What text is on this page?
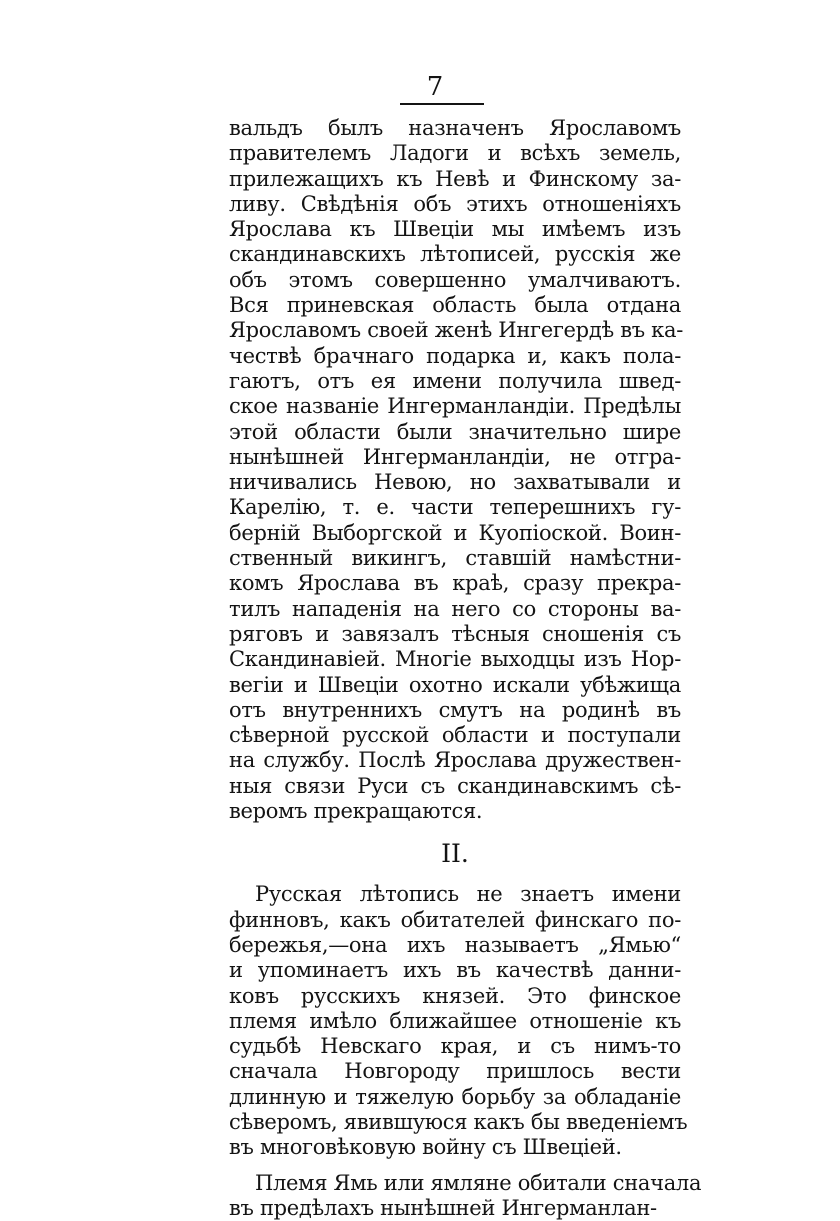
7
вальдъ былъ назначенъ Ярославомъ
правителемъ Ладоги и всѣхъ земель,
прилежащихъ къ Невѣ и Финскому за-
ливу. Свѣдѣнія объ этихъ отношеніяхъ
Ярослава къ Швеціи мы имѣемъ изъ
скандинавскихъ лѣтописей, русскія же
объ этомъ совершенно умалчиваютъ.
Вся приневская область была отдана
Ярославомъ своей женѣ Ингегердѣ въ ка-
чествѣ брачнаго подарка и, какъ пола-
гаютъ, отъ ея имени получила швед-
ское названіе Ингерманландіи. Предѣлы
этой области были значительно шире
нынѣшней Ингерманландіи, не отгра-
ничивались Невою, но захватывали и
Карелію, т. е. части теперешнихъ гу-
берній Выборгской и Куопіоской. Воин-
ственный викингъ, ставшій намѣстни-
комъ Ярослава въ краѣ, сразу прекра-
тилъ нападенія на него со стороны ва-
ряговъ и завязалъ тѣсныя сношенія съ
Скандинавіей. Многіе выходцы изъ Нор-
вегіи и Швеціи охотно искали убѣжища
отъ внутреннихъ смутъ на родинѣ въ
сѣверной русской области и поступали
на службу. Послѣ Ярослава дружествен-
ныя связи Руси съ скандинавскимъ сѣ-
веромъ прекращаются.
II.
Русская лѣтопись не знаетъ имени
финновъ, какъ обитателей финскаго по-
бережья,—она ихъ называетъ „Ямью“
и упоминаетъ ихъ въ качествѣ данни-
ковъ русскихъ князей. Это финское
племя имѣло ближайшее отношеніе къ
судьбѣ Невскаго края, и съ нимъ-то
сначала Новгороду пришлось вести
длинную и тяжелую борьбу за обладаніе
сѣверомъ, явившуюся какъ бы введеніемъ
въ многовѣковую войну съ Швеціей.
Племя Ямь или ямляне обитали сначала
въ предѣлахъ нынѣшней Ингерманлан-
